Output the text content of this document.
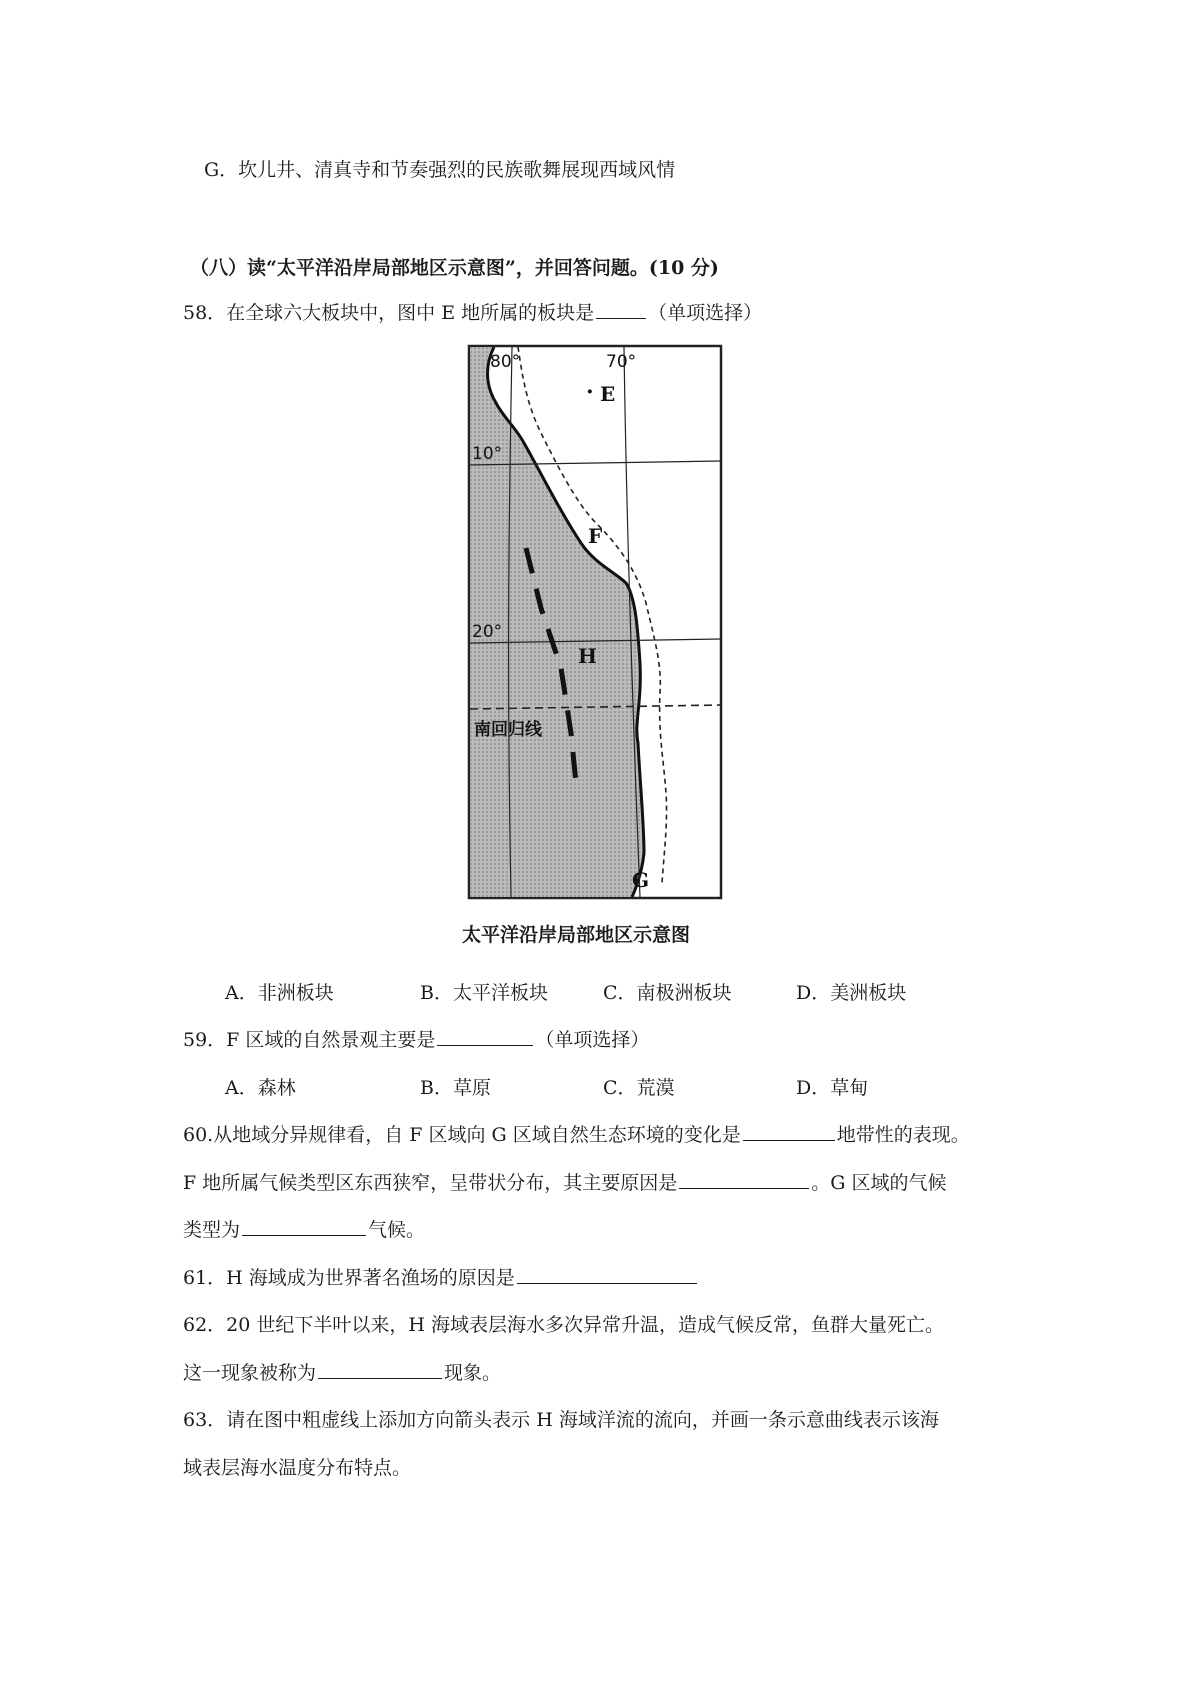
G．坎儿井、清真寺和节奏强烈的民族歌舞展现西域风情
（八）读“太平洋沿岸局部地区示意图”，并回答问题。(10 分)
58．在全球六大板块中，图中 E 地所属的板块是	（单项选择）
80°	70°
10°
20°
· E
F
H
G
南回归线
太平洋沿岸局部地区示意图
A．非洲板块	B．太平洋板块	C．南极洲板块	D．美洲板块
59．F 区域的自然景观主要是	（单项选择）
A．森林	B．草原	C．荒漠	D．草甸
60.从地域分异规律看，自 F 区域向 G 区域自然生态环境的变化是	地带性的表现。
F 地所属气候类型区东西狭窄，呈带状分布，其主要原因是	。G 区域的气候
类型为	气候。
61．H 海域成为世界著名渔场的原因是
62．20 世纪下半叶以来，H 海域表层海水多次异常升温，造成气候反常，鱼群大量死亡。
这一现象被称为	现象。
63．请在图中粗虚线上添加方向箭头表示 H 海域洋流的流向，并画一条示意曲线表示该海
域表层海水温度分布特点。
